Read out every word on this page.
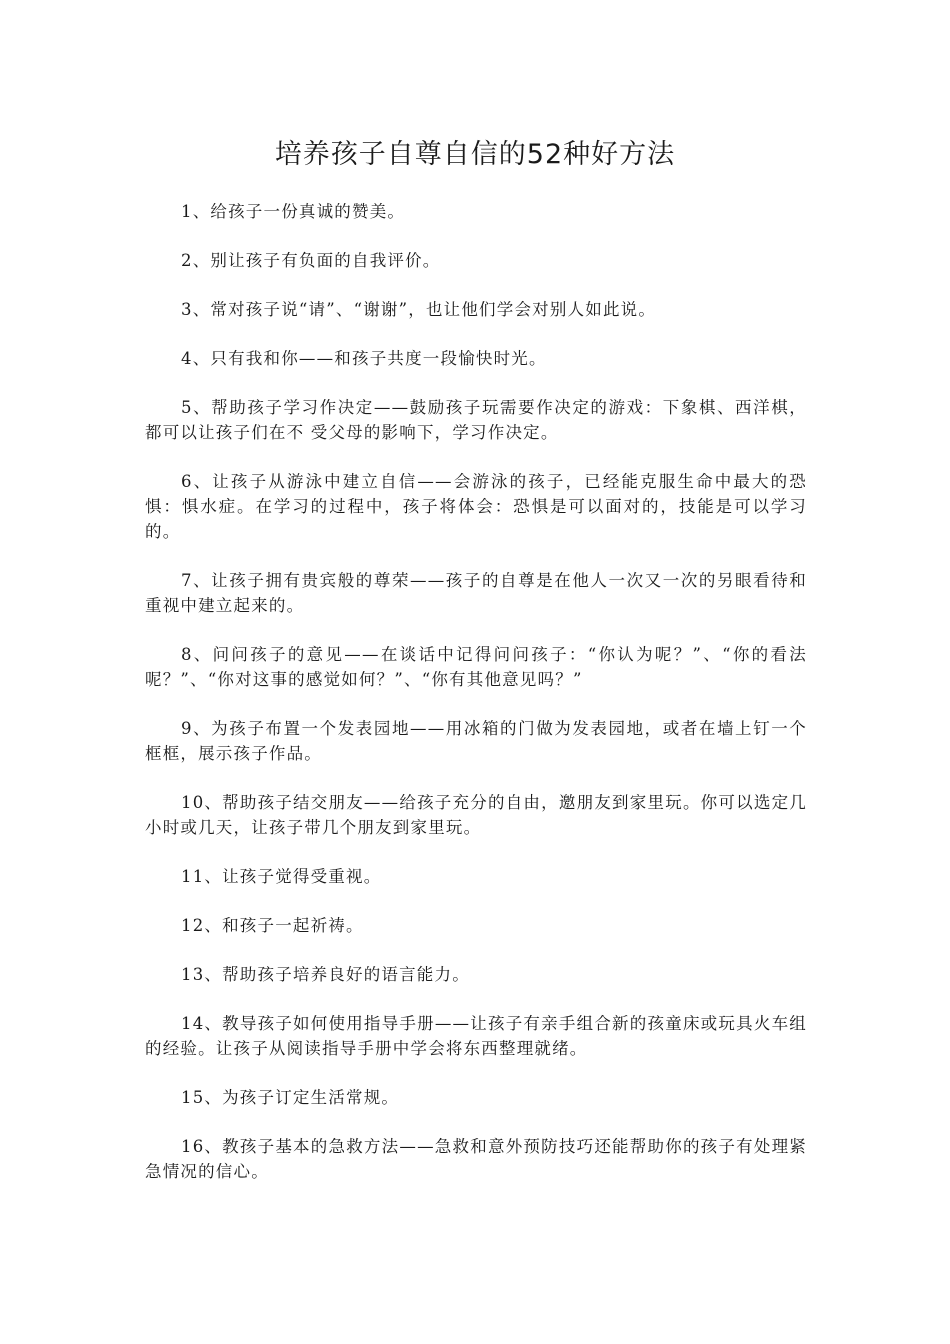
培养孩子自尊自信的52种好方法

1、给孩子一份真诚的赞美。

2、别让孩子有负面的自我评价。

3、常对孩子说“请”、“谢谢”，也让他们学会对别人如此说。

4、只有我和你——和孩子共度一段愉快时光。

5、帮助孩子学习作决定——鼓励孩子玩需要作决定的游戏：下象棋、西洋棋，都可以让孩子们在不 受父母的影响下，学习作决定。

6、让孩子从游泳中建立自信——会游泳的孩子，已经能克服生命中最大的恐惧：惧水症。在学习的过程中，孩子将体会：恐惧是可以面对的，技能是可以学习的。

7、让孩子拥有贵宾般的尊荣——孩子的自尊是在他人一次又一次的另眼看待和重视中建立起来的。

8、问问孩子的意见——在谈话中记得问问孩子：“你认为呢？”、“你的看法呢？”、“你对这事的感觉如何？”、“你有其他意见吗？”

9、为孩子布置一个发表园地——用冰箱的门做为发表园地，或者在墙上钉一个框框，展示孩子作品。

10、帮助孩子结交朋友——给孩子充分的自由，邀朋友到家里玩。你可以选定几小时或几天，让孩子带几个朋友到家里玩。

11、让孩子觉得受重视。

12、和孩子一起祈祷。

13、帮助孩子培养良好的语言能力。

14、教导孩子如何使用指导手册——让孩子有亲手组合新的孩童床或玩具火车组的经验。让孩子从阅读指导手册中学会将东西整理就绪。

15、为孩子订定生活常规。

16、教孩子基本的急救方法——急救和意外预防技巧还能帮助你的孩子有处理紧急情况的信心。
